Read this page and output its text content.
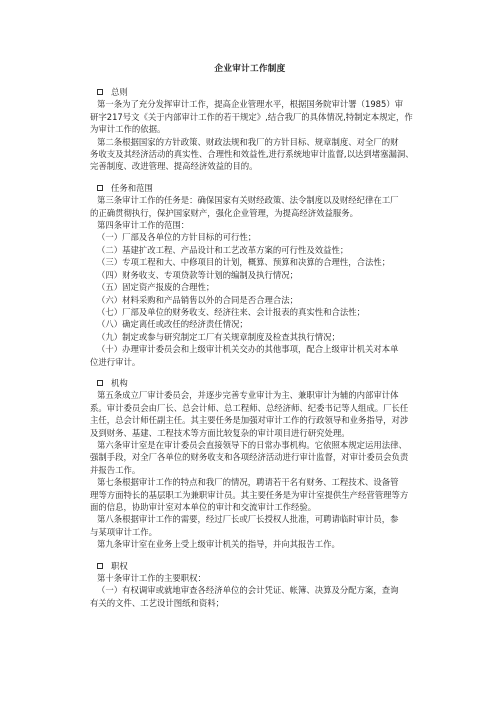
企业审计工作制度
总则
第一条为了充分发挥审计工作，提高企业管理水平，根据国务院审计署（1985）审
研字217号文《关于内部审计工作的若干规定》,结合我厂的具体情况,特制定本规定，作
为审计工作的依据。
第二条根据国家的方针政策、财政法规和我厂的方针目标、规章制度、对全厂的财
务收支及其经济活动的真实性、合理性和效益性,进行系统地审计监督,以达到堵塞漏洞、
完善制度、改进管理、提高经济效益的目的。
任务和范围
第三条审计工作的任务是：确保国家有关财经政策、法令制度以及财经纪律在工厂
的正确贯彻执行，保护国家财产，强化企业管理，为提高经济效益服务。
第四条审计工作的范围：
（一）厂部及各单位的方针目标的可行性；
（二）基建扩改工程、产品设计和工艺改革方案的可行性及效益性；
（三）专项工程和大、中修项目的计划，概算、预算和决算的合理性，合法性；
（四）财务收支、专项贷款等计划的编制及执行情况；
（五）固定资产报废的合理性；
（六）材料采购和产品销售以外的合同是否合理合法；
（七）厂部及单位的财务收支、经济往来、会计报表的真实性和合法性；
（八）确定离任或改任的经济责任情况；
（九）制定或参与研究制定工厂有关规章制度及检查其执行情况；
（十）办理审计委员会和上级审计机关交办的其他事项，配合上级审计机关对本单
位进行审计。
机构
第五条成立厂审计委员会，并逐步完善专业审计为主、兼职审计为辅的内部审计体
系。审计委员会由厂长、总会计师、总工程师、总经济师、纪委书记等人组成。厂长任
主任，总会计师任副主任。其主要任务是加强对审计工作的行政领导和业务指导，对涉
及到财务、基建、工程技术等方面比较复杂的审计项目进行研究处理。
第六条审计室是在审计委员会直接领导下的日常办事机构。它依照本规定运用法律、
强制手段，对全厂各单位的财务收支和各项经济活动进行审计监督，对审计委员会负责
并报告工作。
第七条根据审计工作的特点和我厂的情况，聘请若干名有财务、工程技术、设备管
理等方面特长的基层职工为兼职审计员。其主要任务是为审计室提供生产经营管理等方
面的信息，协助审计室对本单位的审计和交流审计工作经验。
第八条根据审计工作的需要，经过厂长或厂长授权人批准，可聘请临时审计员，参
与某项审计工作。
第九条审计室在业务上受上级审计机关的指导，并向其报告工作。
职权
第十条审计工作的主要职权：
（一）有权调审或就地审查各经济单位的会计凭证、帐簿、决算及分配方案，查询
有关的文件、工艺设计图纸和资料；
